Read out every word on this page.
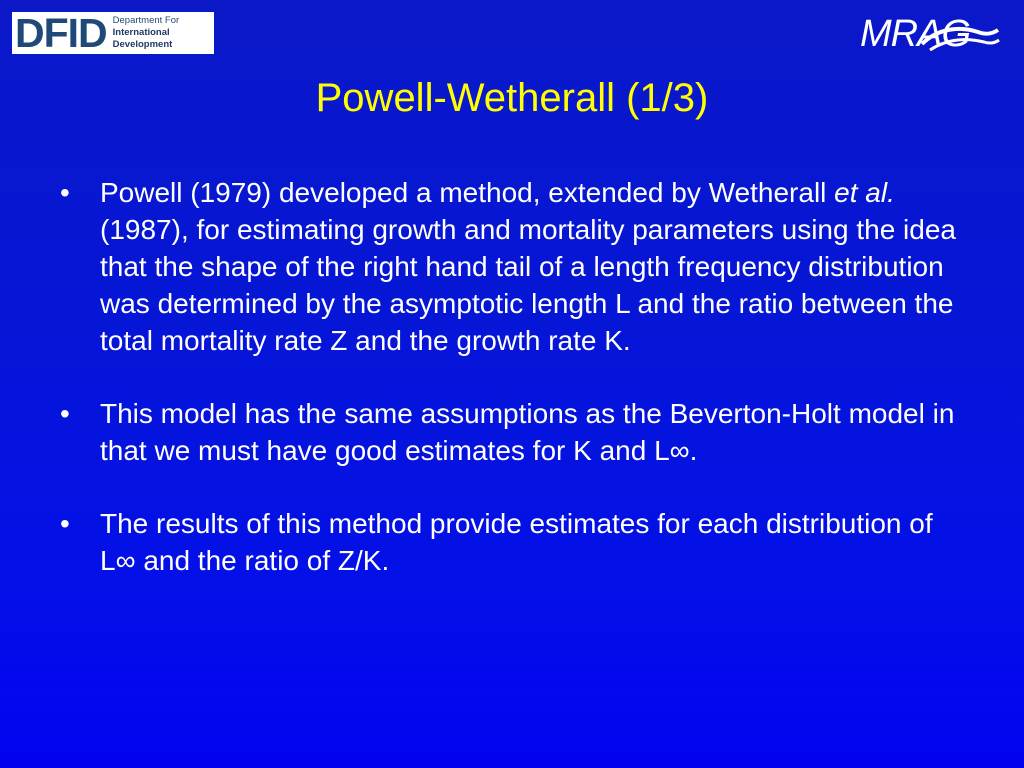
DFID Department For
International
Development	MRAG
Powell-Wetherall (1/3)
• Powell (1979) developed a method, extended by Wetherall et al. (1987), for estimating growth and mortality parameters using the idea that the shape of the right hand tail of a length frequency distribution was determined by the asymptotic length L and the ratio between the total mortality rate Z and the growth rate K.
• This model has the same assumptions as the Beverton-Holt model in that we must have good estimates for K and L∞.
• The results of this method provide estimates for each distribution of L∞ and the ratio of Z/K.
